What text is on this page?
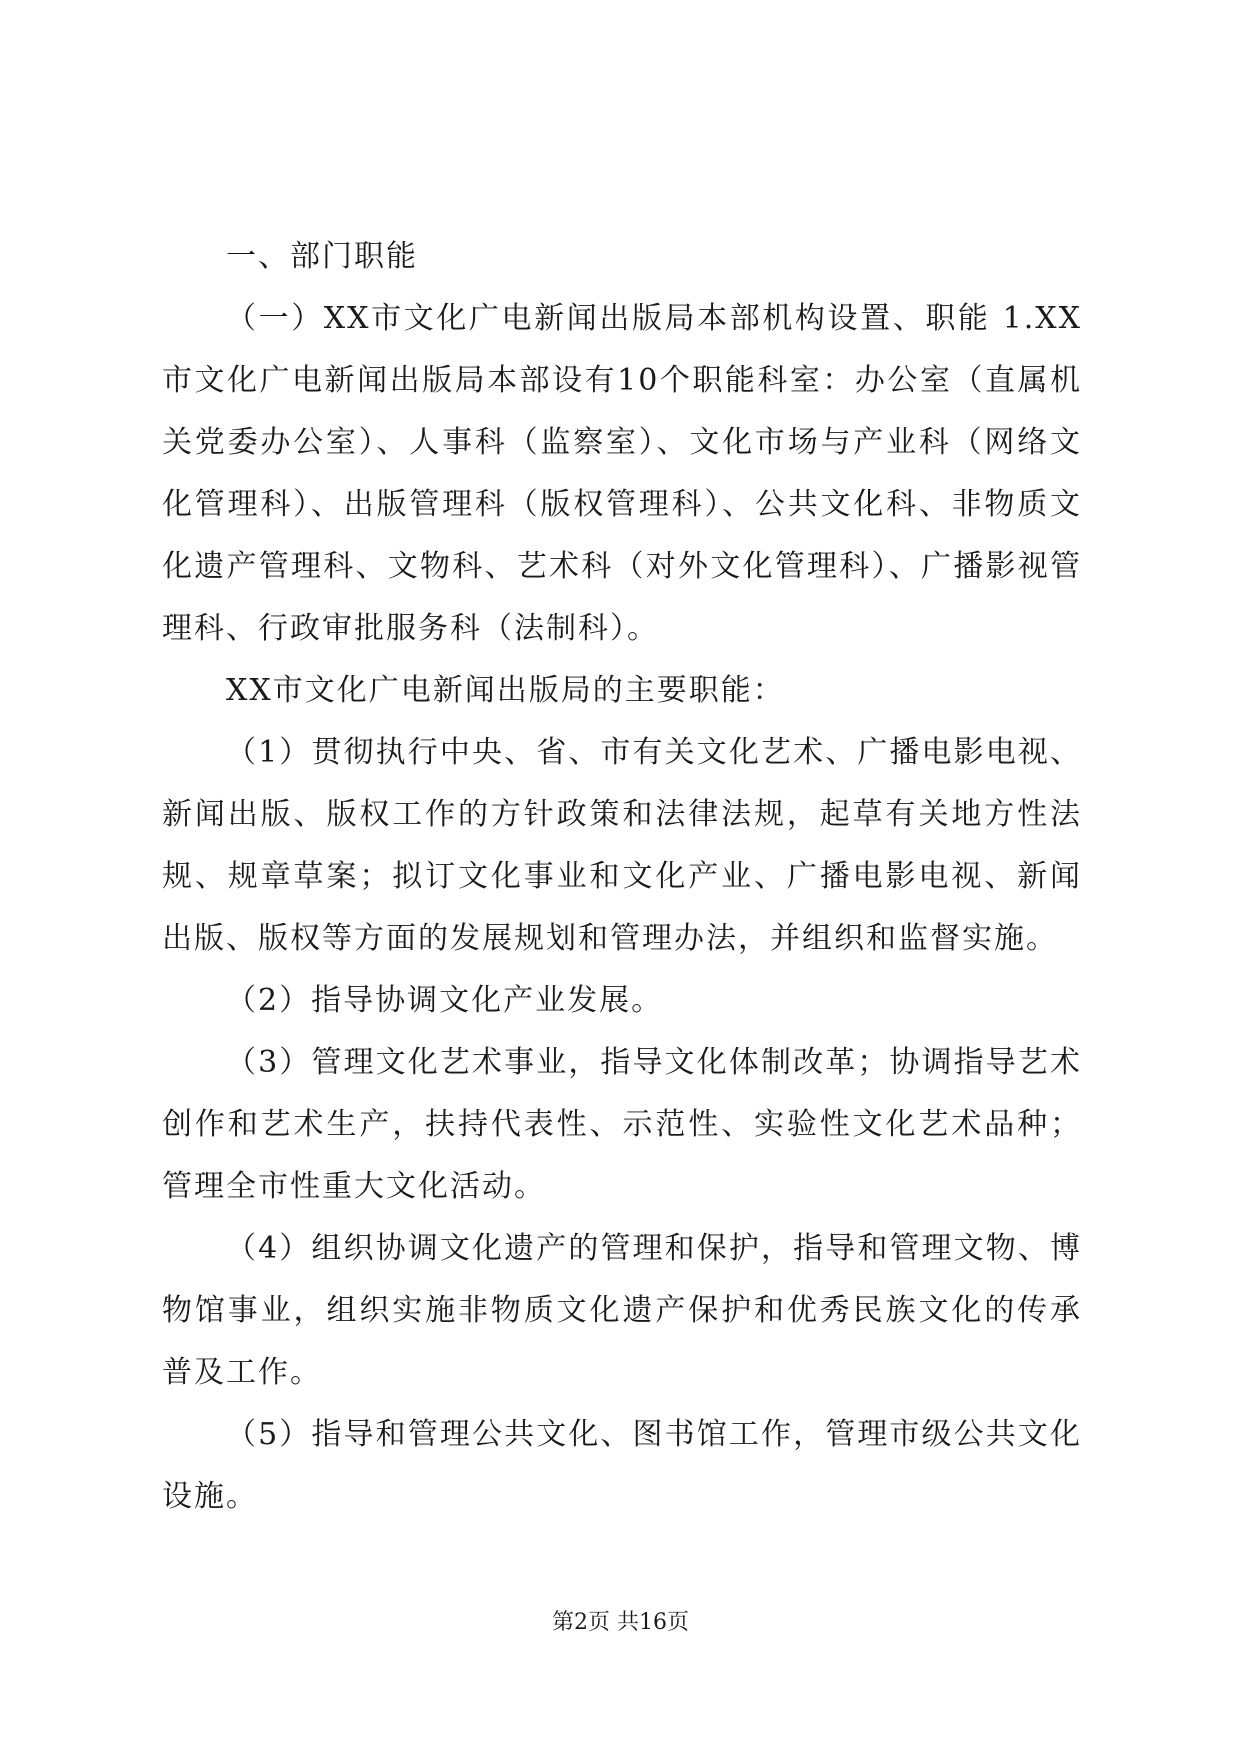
一、部门职能

（一）XX市文化广电新闻出版局本部机构设置、职能 1.XX市文化广电新闻出版局本部设有10个职能科室：办公室（直属机关党委办公室）、人事科（监察室）、文化市场与产业科（网络文化管理科）、出版管理科（版权管理科）、公共文化科、非物质文化遗产管理科、文物科、艺术科（对外文化管理科）、广播影视管理科、行政审批服务科（法制科）。

XX市文化广电新闻出版局的主要职能：

（1）贯彻执行中央、省、市有关文化艺术、广播电影电视、新闻出版、版权工作的方针政策和法律法规，起草有关地方性法规、规章草案；拟订文化事业和文化产业、广播电影电视、新闻出版、版权等方面的发展规划和管理办法，并组织和监督实施。

（2）指导协调文化产业发展。

（3）管理文化艺术事业，指导文化体制改革；协调指导艺术创作和艺术生产，扶持代表性、示范性、实验性文化艺术品种；管理全市性重大文化活动。

（4）组织协调文化遗产的管理和保护，指导和管理文物、博物馆事业，组织实施非物质文化遗产保护和优秀民族文化的传承普及工作。

（5）指导和管理公共文化、图书馆工作，管理市级公共文化设施。

第2页 共16页
